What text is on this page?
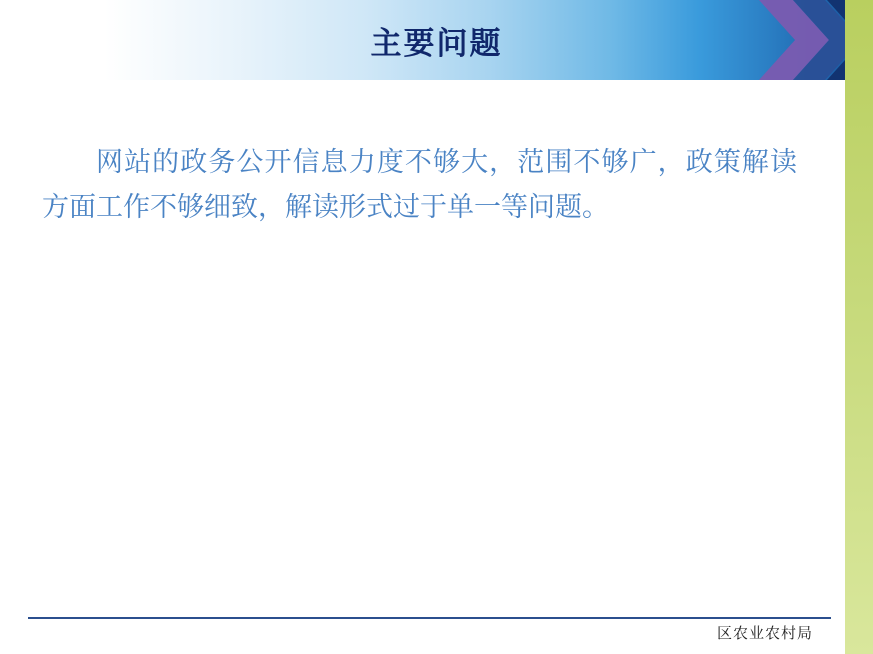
主要问题
网站的政务公开信息力度不够大，范围不够广，政策解读方面工作不够细致，解读形式过于单一等问题。
区农业农村局
